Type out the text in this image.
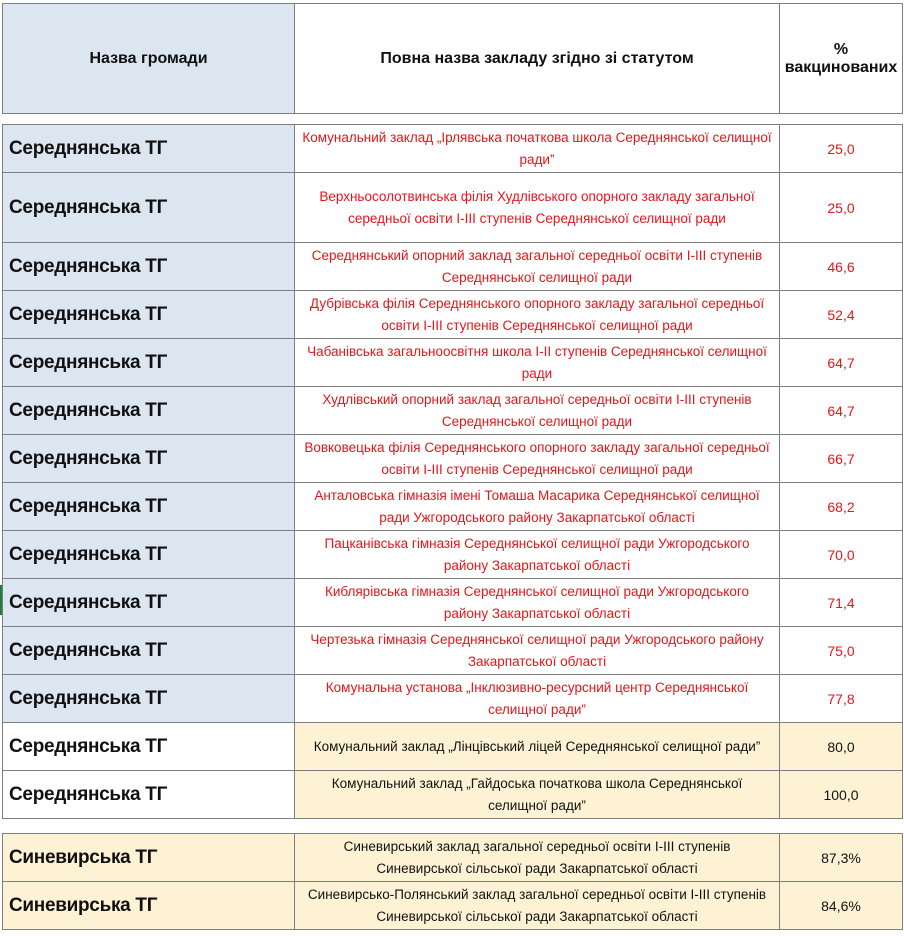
Назва громади	Повна назва закладу згідно зі статутом	% вакцинованих

Середнянська ТГ	Комунальний заклад „Ірлявська початкова школа Середнянської селищної ради”	25,0
Середнянська ТГ	Верхньосолотвинська філія Худлівського опорного закладу загальної середньої освіти І-ІІІ ступенів Середнянської селищної ради	25,0
Середнянська ТГ	Середнянський опорний заклад загальної середньої освіти І-ІІІ ступенів Середнянської селищної ради	46,6
Середнянська ТГ	Дубрівська філія Середнянського опорного закладу загальної середньої освіти І-ІІІ ступенів Середнянської селищної ради	52,4
Середнянська ТГ	Чабанівська загальноосвітня школа І-ІІ ступенів Середнянської селищної ради	64,7
Середнянська ТГ	Худлівський опорний заклад загальної середньої освіти І-ІІІ ступенів Середнянської селищної ради	64,7
Середнянська ТГ	Вовковецька філія Середнянського опорного закладу загальної середньої освіти І-ІІІ ступенів Середнянської селищної ради	66,7
Середнянська ТГ	Анталовська гімназія імені Томаша Масарика Середнянської селищної ради Ужгородського району Закарпатської області	68,2
Середнянська ТГ	Пацканівська гімназія Середнянської селищної ради Ужгородського району Закарпатської області	70,0
Середнянська ТГ	Киблярівська гімназія Середнянської селищної ради Ужгородського району Закарпатської області	71,4
Середнянська ТГ	Чертезька гімназія Середнянської селищної ради Ужгородського району Закарпатської області	75,0
Середнянська ТГ	Комунальна установа „Інклюзивно-ресурсний центр Середнянської селищної ради”	77,8
Середнянська ТГ	Комунальний заклад „Лінцівський ліцей Середнянської селищної ради”	80,0
Середнянська ТГ	Комунальний заклад „Гайдоська початкова школа Середнянської селищної ради”	100,0

Синевирська ТГ	Синевирський заклад загальної середньої освіти І-ІІІ ступенів Синевирської сільської ради Закарпатської області	87,3%
Синевирська ТГ	Синевирсько-Полянський заклад загальної середньої освіти І-ІІІ ступенів Синевирської сільської ради Закарпатської області	84,6%
